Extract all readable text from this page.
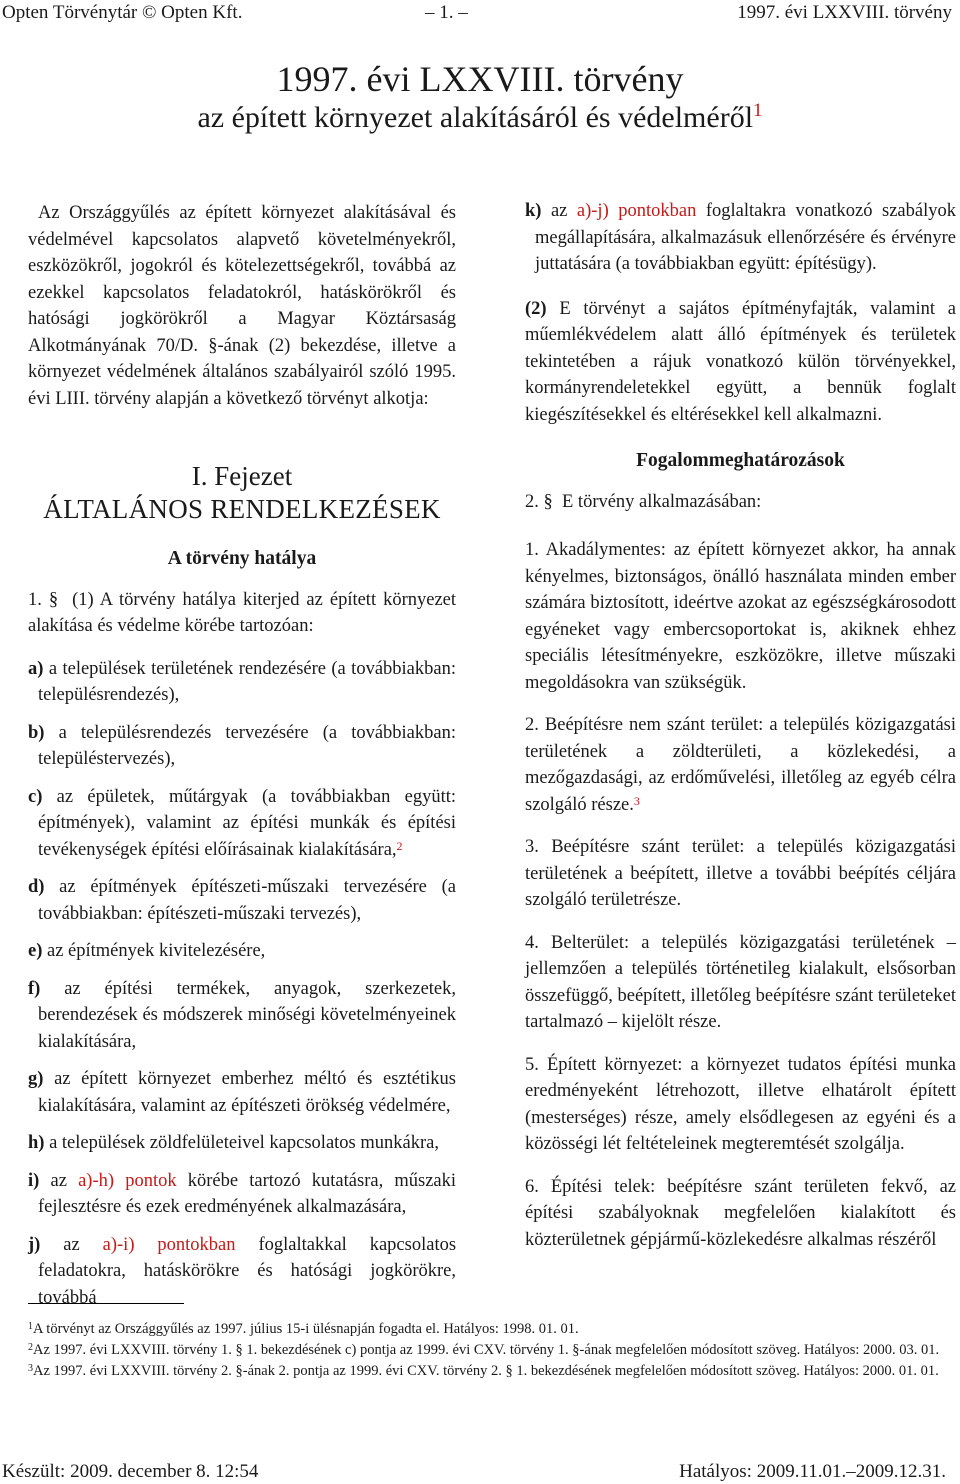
Opten Törvénytár © Opten Kft.	– 1. –	1997. évi LXXVIII. törvény
1997. évi LXXVIII. törvény
az épített környezet alakításáról és védelméről$^1$

Az Országgyűlés az épített környezet alakításával és védelmével kapcsolatos alapvető követelményekről, eszközökről, jogokról és kötelezettségekről, továbbá az ezekkel kapcsolatos feladatokról, hatáskörökről és hatósági jogkörökről a Magyar Köztársaság Alkotmányának 70/D. §-ának (2) bekezdése, illetve a környezet védelmének általános szabályairól szóló 1995. évi LIII. törvény alapján a következő törvényt alkotja:

I. Fejezet
ÁLTALÁNOS RENDELKEZÉSEK
A törvény hatálya

1. § (1) A törvény hatálya kiterjed az épített környezet alakítása és védelme körébe tartozóan:

a) a települések területének rendezésére (a továbbiakban: településrendezés),
b) a településrendezés tervezésére (a továbbiakban: településtervezés),
c) az épületek, műtárgyak (a továbbiakban együtt: építmények), valamint az építési munkák és építési tevékenységek építési előírásainak kialakítására,$^2$
d) az építmények építészeti-műszaki tervezésére (a továbbiakban: építészeti-műszaki tervezés),
e) az építmények kivitelezésére,
f) az építési termékek, anyagok, szerkezetek, berendezések és módszerek minőségi követelményeinek kialakítására,
g) az épített környezet emberhez méltó és esztétikus kialakítására, valamint az építészeti örökség védelmére,
h) a települések zöldfelületeivel kapcsolatos munkákra,
i) az a)-h) pontok körébe tartozó kutatásra, műszaki fejlesztésre és ezek eredményének alkalmazására,
j) az a)-i) pontokban foglaltakkal kapcsolatos feladatokra, hatáskörökre és hatósági jogkörökre, továbbá
k) az a)-j) pontokban foglaltakra vonatkozó szabályok megállapítására, alkalmazásuk ellenőrzésére és érvényre juttatására (a továbbiakban együtt: építésügy).

(2) E törvényt a sajátos építményfajták, valamint a műemlékvédelem alatt álló építmények és területek tekintetében a rájuk vonatkozó külön törvényekkel, kormányrendeletekkel együtt, a bennük foglalt kiegészítésekkel és eltérésekkel kell alkalmazni.

Fogalommeghatározások

2. § E törvény alkalmazásában:

1. Akadálymentes: az épített környezet akkor, ha annak kényelmes, biztonságos, önálló használata minden ember számára biztosított, ideértve azokat az egészségkárosodott egyéneket vagy embercsoportokat is, akiknek ehhez speciális létesítményekre, eszközökre, illetve műszaki megoldásokra van szükségük.
2. Beépítésre nem szánt terület: a település közigazgatási területének a zöldterületi, a közlekedési, a mezőgazdasági, az erdőművelési, illetőleg az egyéb célra szolgáló része.$^3$
3. Beépítésre szánt terület: a település közigazgatási területének a beépített, illetve a további beépítés céljára szolgáló területrésze.
4. Belterület: a település közigazgatási területének – jellemzően a település történetileg kialakult, elsősorban összefüggő, beépített, illetőleg beépítésre szánt területeket tartalmazó – kijelölt része.
5. Épített környezet: a környezet tudatos építési munka eredményeként létrehozott, illetve elhatárolt épített (mesterséges) része, amely elsődlegesen az egyéni és a közösségi lét feltételeinek megteremtését szolgálja.
6. Építési telek: beépítésre szánt területen fekvő, az építési szabályoknak megfelelően kialakított és közterületnek gépjármű-közlekedésre alkalmas részéről
$^1$A törvényt az Országgyűlés az 1997. július 15-i ülésnapján fogadta el. Hatályos: 1998. 01. 01.
$^2$Az 1997. évi LXXVIII. törvény 1. § 1. bekezdésének c) pontja az 1999. évi CXV. törvény 1. §-ának megfelelően módosított szöveg. Hatályos: 2000. 03. 01.
$^3$Az 1997. évi LXXVIII. törvény 2. §-ának 2. pontja az 1999. évi CXV. törvény 2. § 1. bekezdésének megfelelően módosított szöveg. Hatályos: 2000. 01. 01.
Készült: 2009. december 8. 12:54	Hatályos: 2009.11.01.–2009.12.31.
